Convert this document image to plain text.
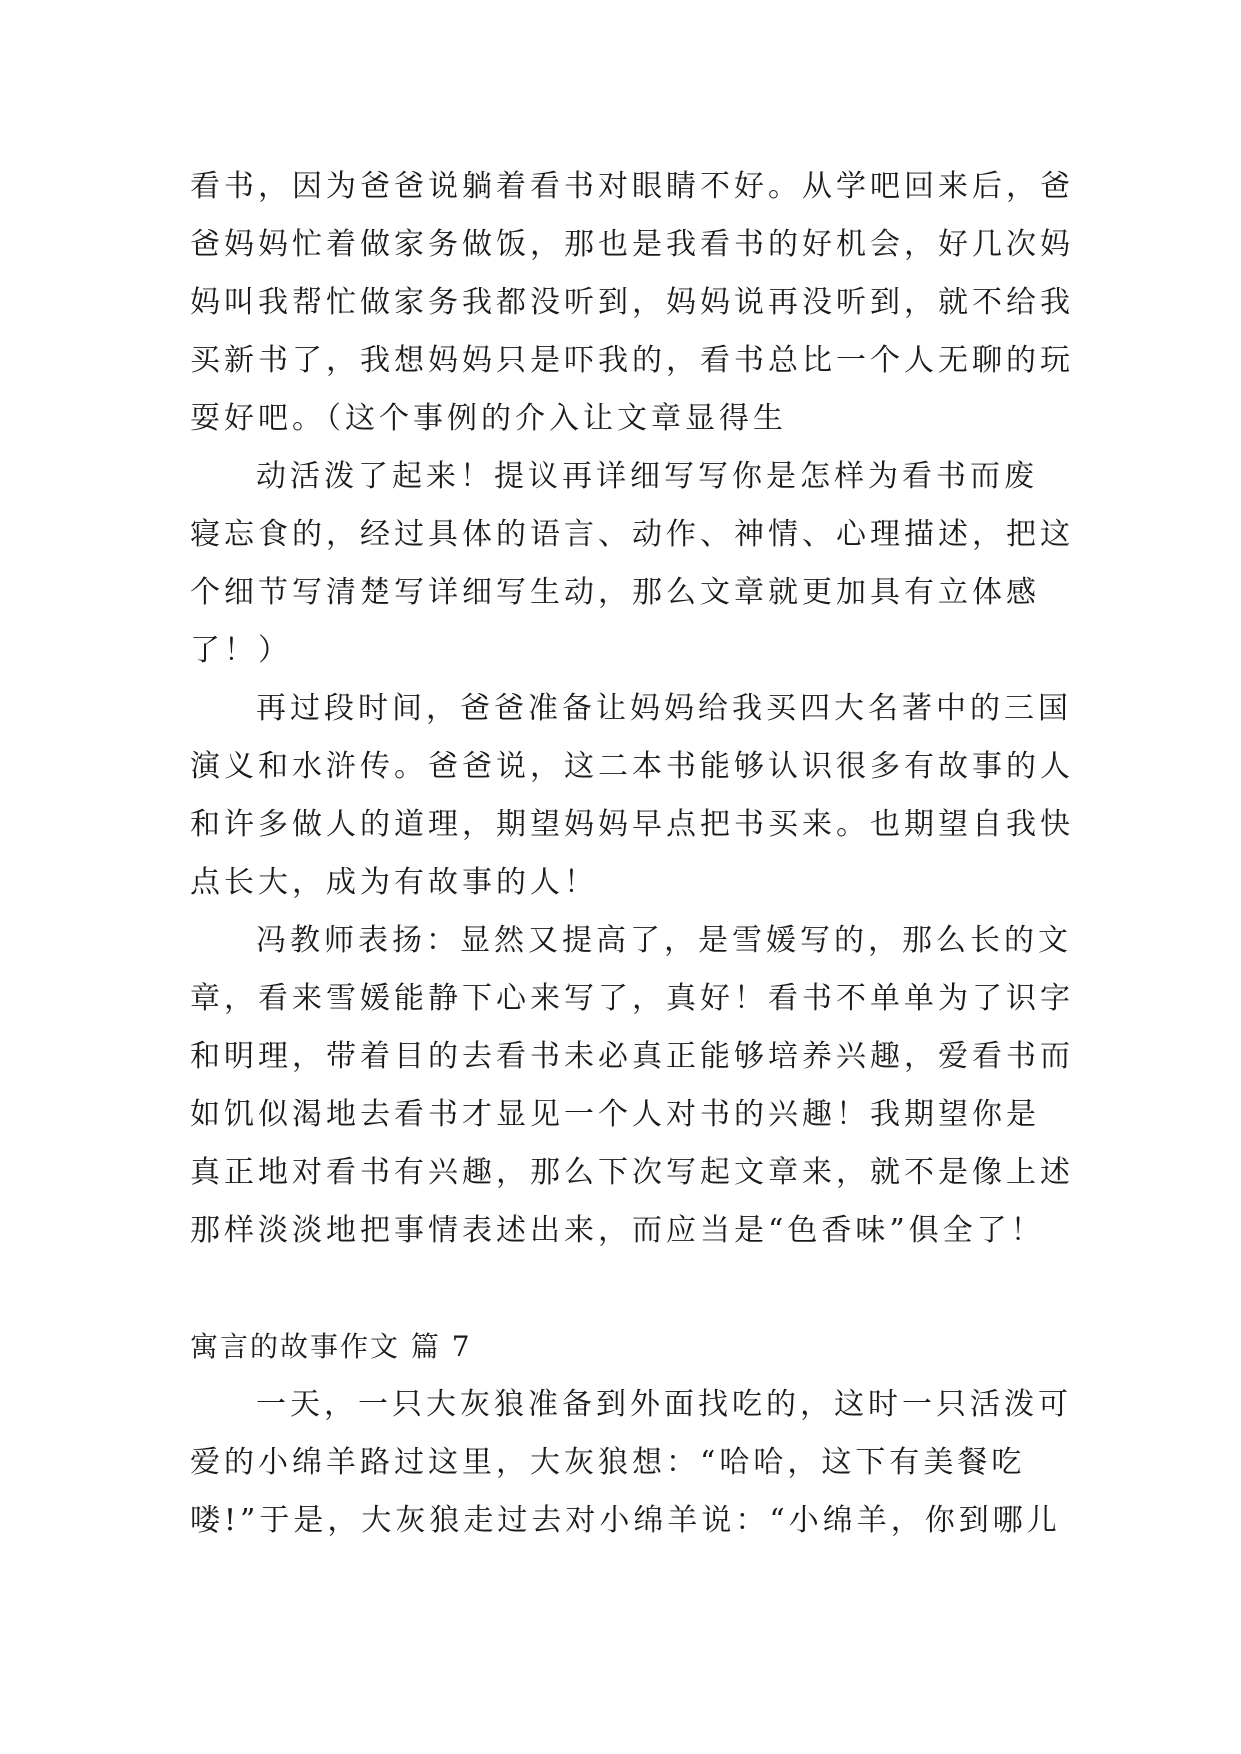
看书，因为爸爸说躺着看书对眼睛不好。从学吧回来后，爸
爸妈妈忙着做家务做饭，那也是我看书的好机会，好几次妈
妈叫我帮忙做家务我都没听到，妈妈说再没听到，就不给我
买新书了，我想妈妈只是吓我的，看书总比一个人无聊的玩
耍好吧。（这个事例的介入让文章显得生
动活泼了起来！提议再详细写写你是怎样为看书而废
寝忘食的，经过具体的语言、动作、神情、心理描述，把这
个细节写清楚写详细写生动，那么文章就更加具有立体感
了！）
再过段时间，爸爸准备让妈妈给我买四大名著中的三国
演义和水浒传。爸爸说，这二本书能够认识很多有故事的人
和许多做人的道理，期望妈妈早点把书买来。也期望自我快
点长大，成为有故事的人！
冯教师表扬：显然又提高了，是雪媛写的，那么长的文
章，看来雪媛能静下心来写了，真好！看书不单单为了识字
和明理，带着目的去看书未必真正能够培养兴趣，爱看书而
如饥似渴地去看书才显见一个人对书的兴趣！我期望你是
真正地对看书有兴趣，那么下次写起文章来，就不是像上述
那样淡淡地把事情表述出来，而应当是“色香味”俱全了！
寓言的故事作文 篇 7
一天，一只大灰狼准备到外面找吃的，这时一只活泼可
爱的小绵羊路过这里，大灰狼想：“哈哈，这下有美餐吃
喽!”于是，大灰狼走过去对小绵羊说：“小绵羊，你到哪儿
